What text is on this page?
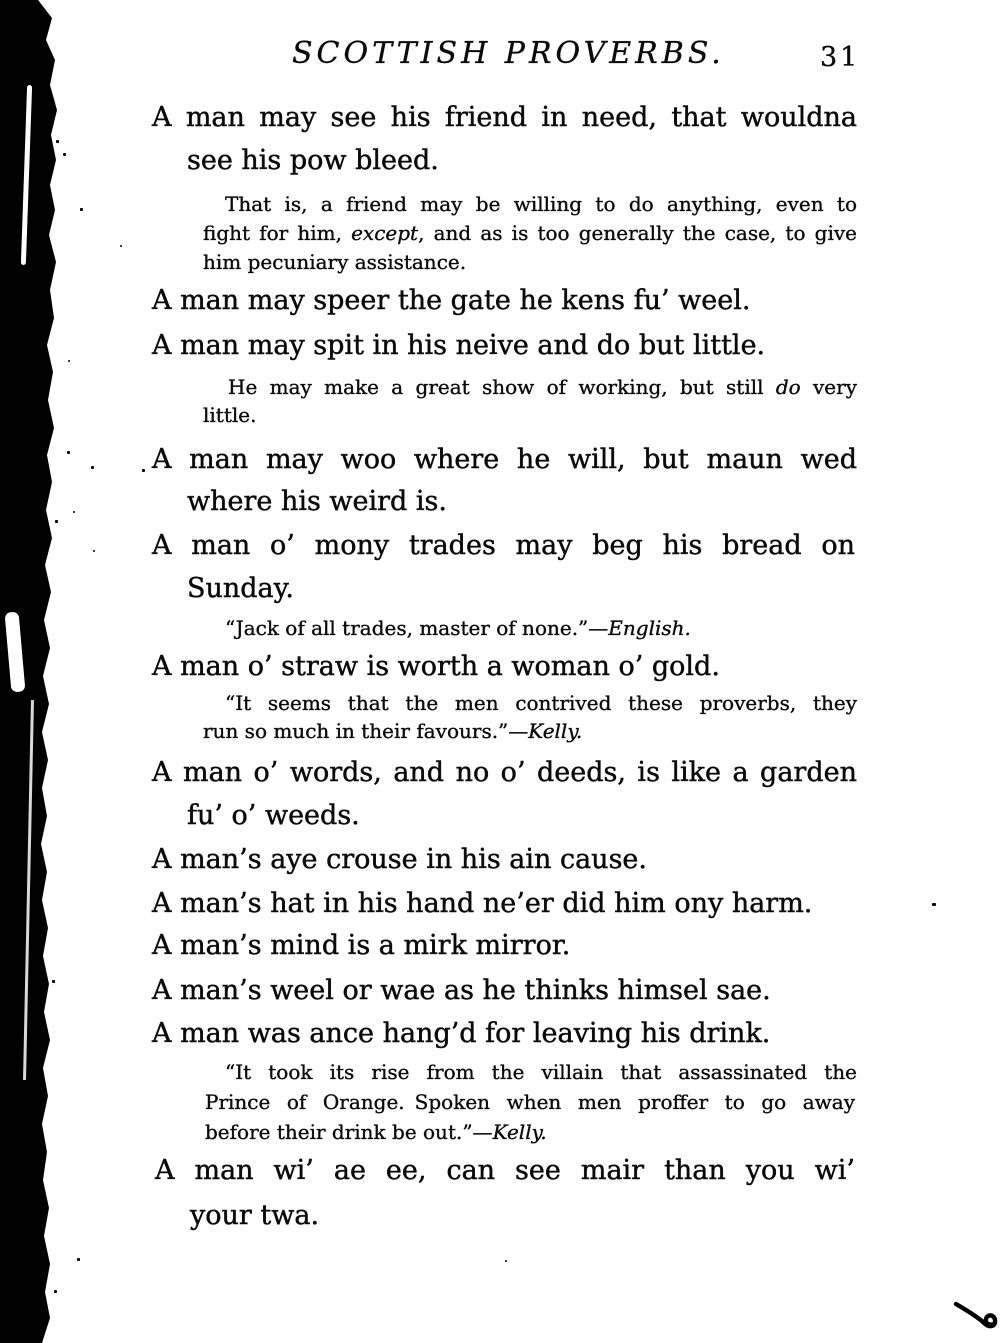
SCOTTISH PROVERBS.	31
A man may see his friend in need, that wouldna
see his pow bleed.
That is, a friend may be willing to do anything, even to
fight for him, except, and as is too generally the case, to give
him pecuniary assistance.
A man may speer the gate he kens fu’ weel.
A man may spit in his neive and do but little.
He may make a great show of working, but still do very
little.
A man may woo where he will, but maun wed
where his weird is.
A man o’ mony trades may beg his bread on
Sunday.
“Jack of all trades, master of none.”—English.
A man o’ straw is worth a woman o’ gold.
“It seems that the men contrived these proverbs, they
run so much in their favours.”—Kelly.
A man o’ words, and no o’ deeds, is like a garden
fu’ o’ weeds.
A man’s aye crouse in his ain cause.
A man’s hat in his hand ne’er did him ony harm.
A man’s mind is a mirk mirror.
A man’s weel or wae as he thinks himsel sae.
A man was ance hang’d for leaving his drink.
“It took its rise from the villain that assassinated the
Prince of Orange. Spoken when men proffer to go away
before their drink be out.”—Kelly.
A man wi’ ae ee, can see mair than you wi’
your twa.
